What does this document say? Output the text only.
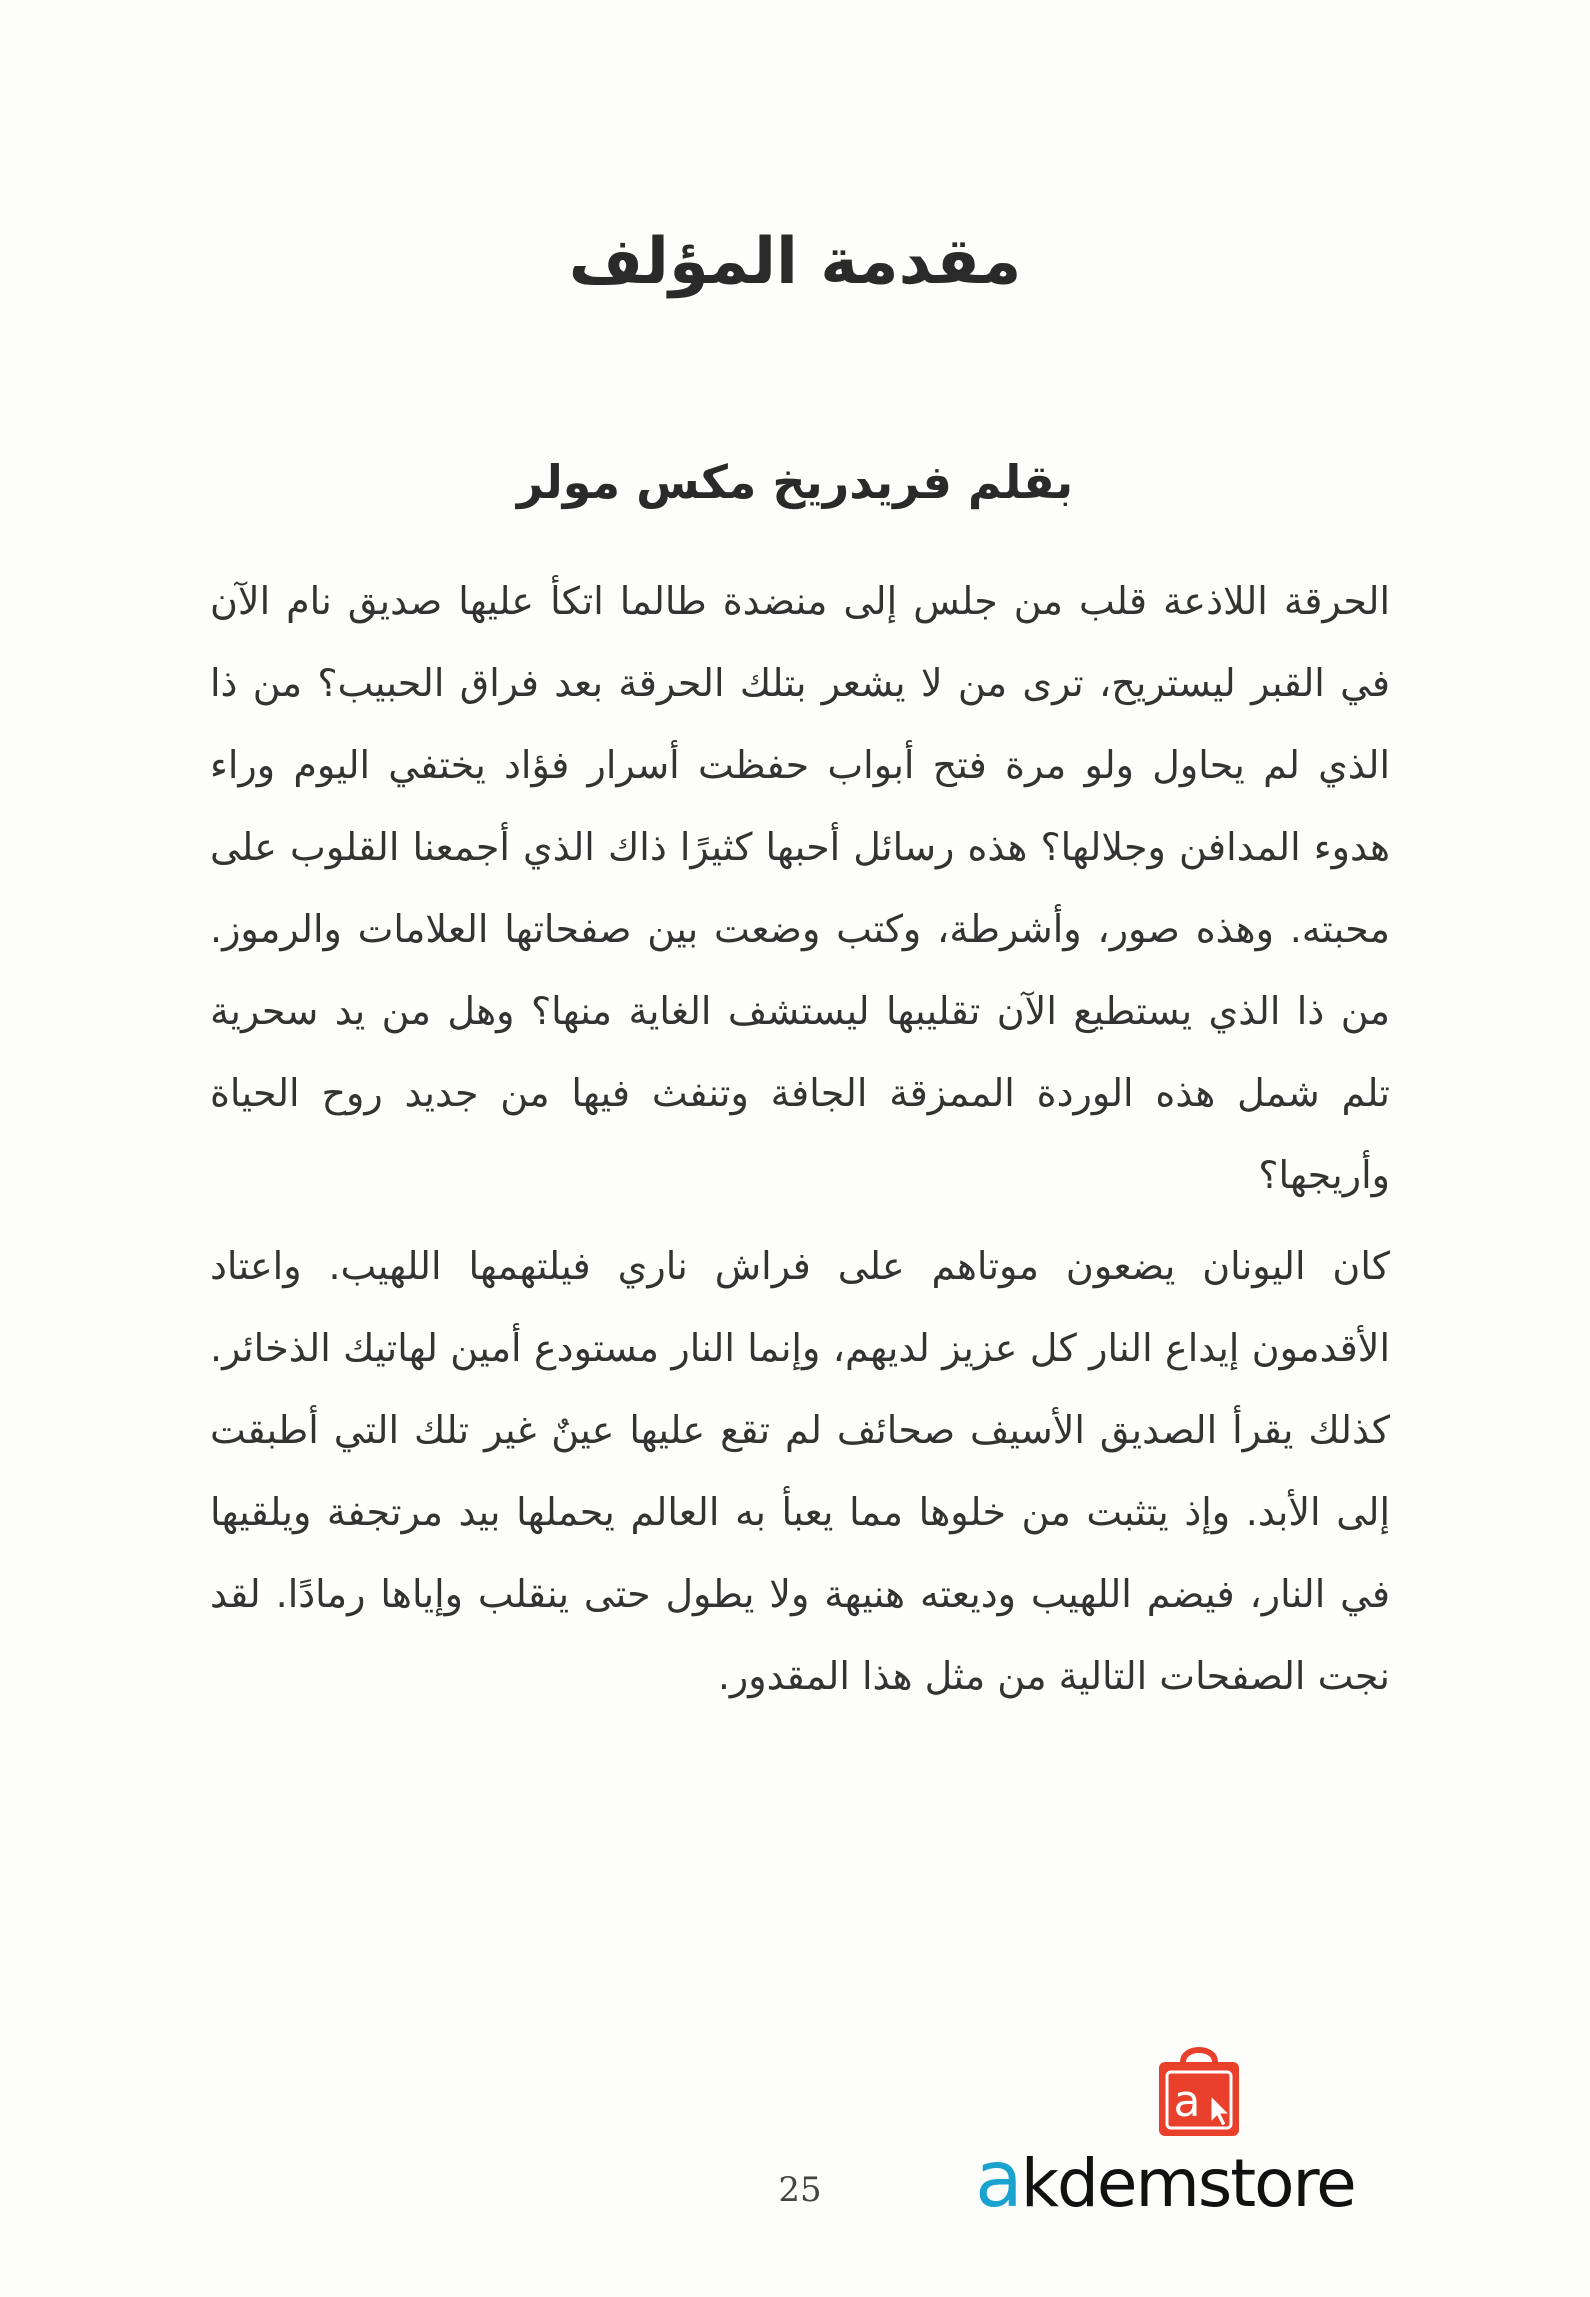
مقدمة المؤلف
بقلم فريدريخ مكس مولر

الحرقة اللاذعة قلب من جلس إلى منضدة طالما اتكأ عليها صديق نام الآن في القبر ليستريح، ترى من لا يشعر بتلك الحرقة بعد فراق الحبيب؟ من ذا الذي لم يحاول ولو مرة فتح أبواب حفظت أسرار فؤاد يختفي اليوم وراء هدوء المدافن وجلالها؟ هذه رسائل أحبها كثيرًا ذاك الذي أجمعنا القلوب على محبته. وهذه صور، وأشرطة، وكتب وضعت بين صفحاتها العلامات والرموز. من ذا الذي يستطيع الآن تقليبها ليستشف الغاية منها؟ وهل من يد سحرية تلم شمل هذه الوردة الممزقة الجافة وتنفث فيها من جديد روح الحياة وأريجها؟

كان اليونان يضعون موتاهم على فراش ناري فيلتهمها اللهيب. واعتاد الأقدمون إيداع النار كل عزيز لديهم، وإنما النار مستودع أمين لهاتيك الذخائر. كذلك يقرأ الصديق الأسيف صحائف لم تقع عليها عينٌ غير تلك التي أطبقت إلى الأبد. وإذ يتثبت من خلوها مما يعبأ به العالم يحملها بيد مرتجفة ويلقيها في النار، فيضم اللهيب وديعته هنيهة ولا يطول حتى ينقلب وإياها رمادًا. لقد نجت الصفحات التالية من مثل هذا المقدور.

25
a
akdemstore
